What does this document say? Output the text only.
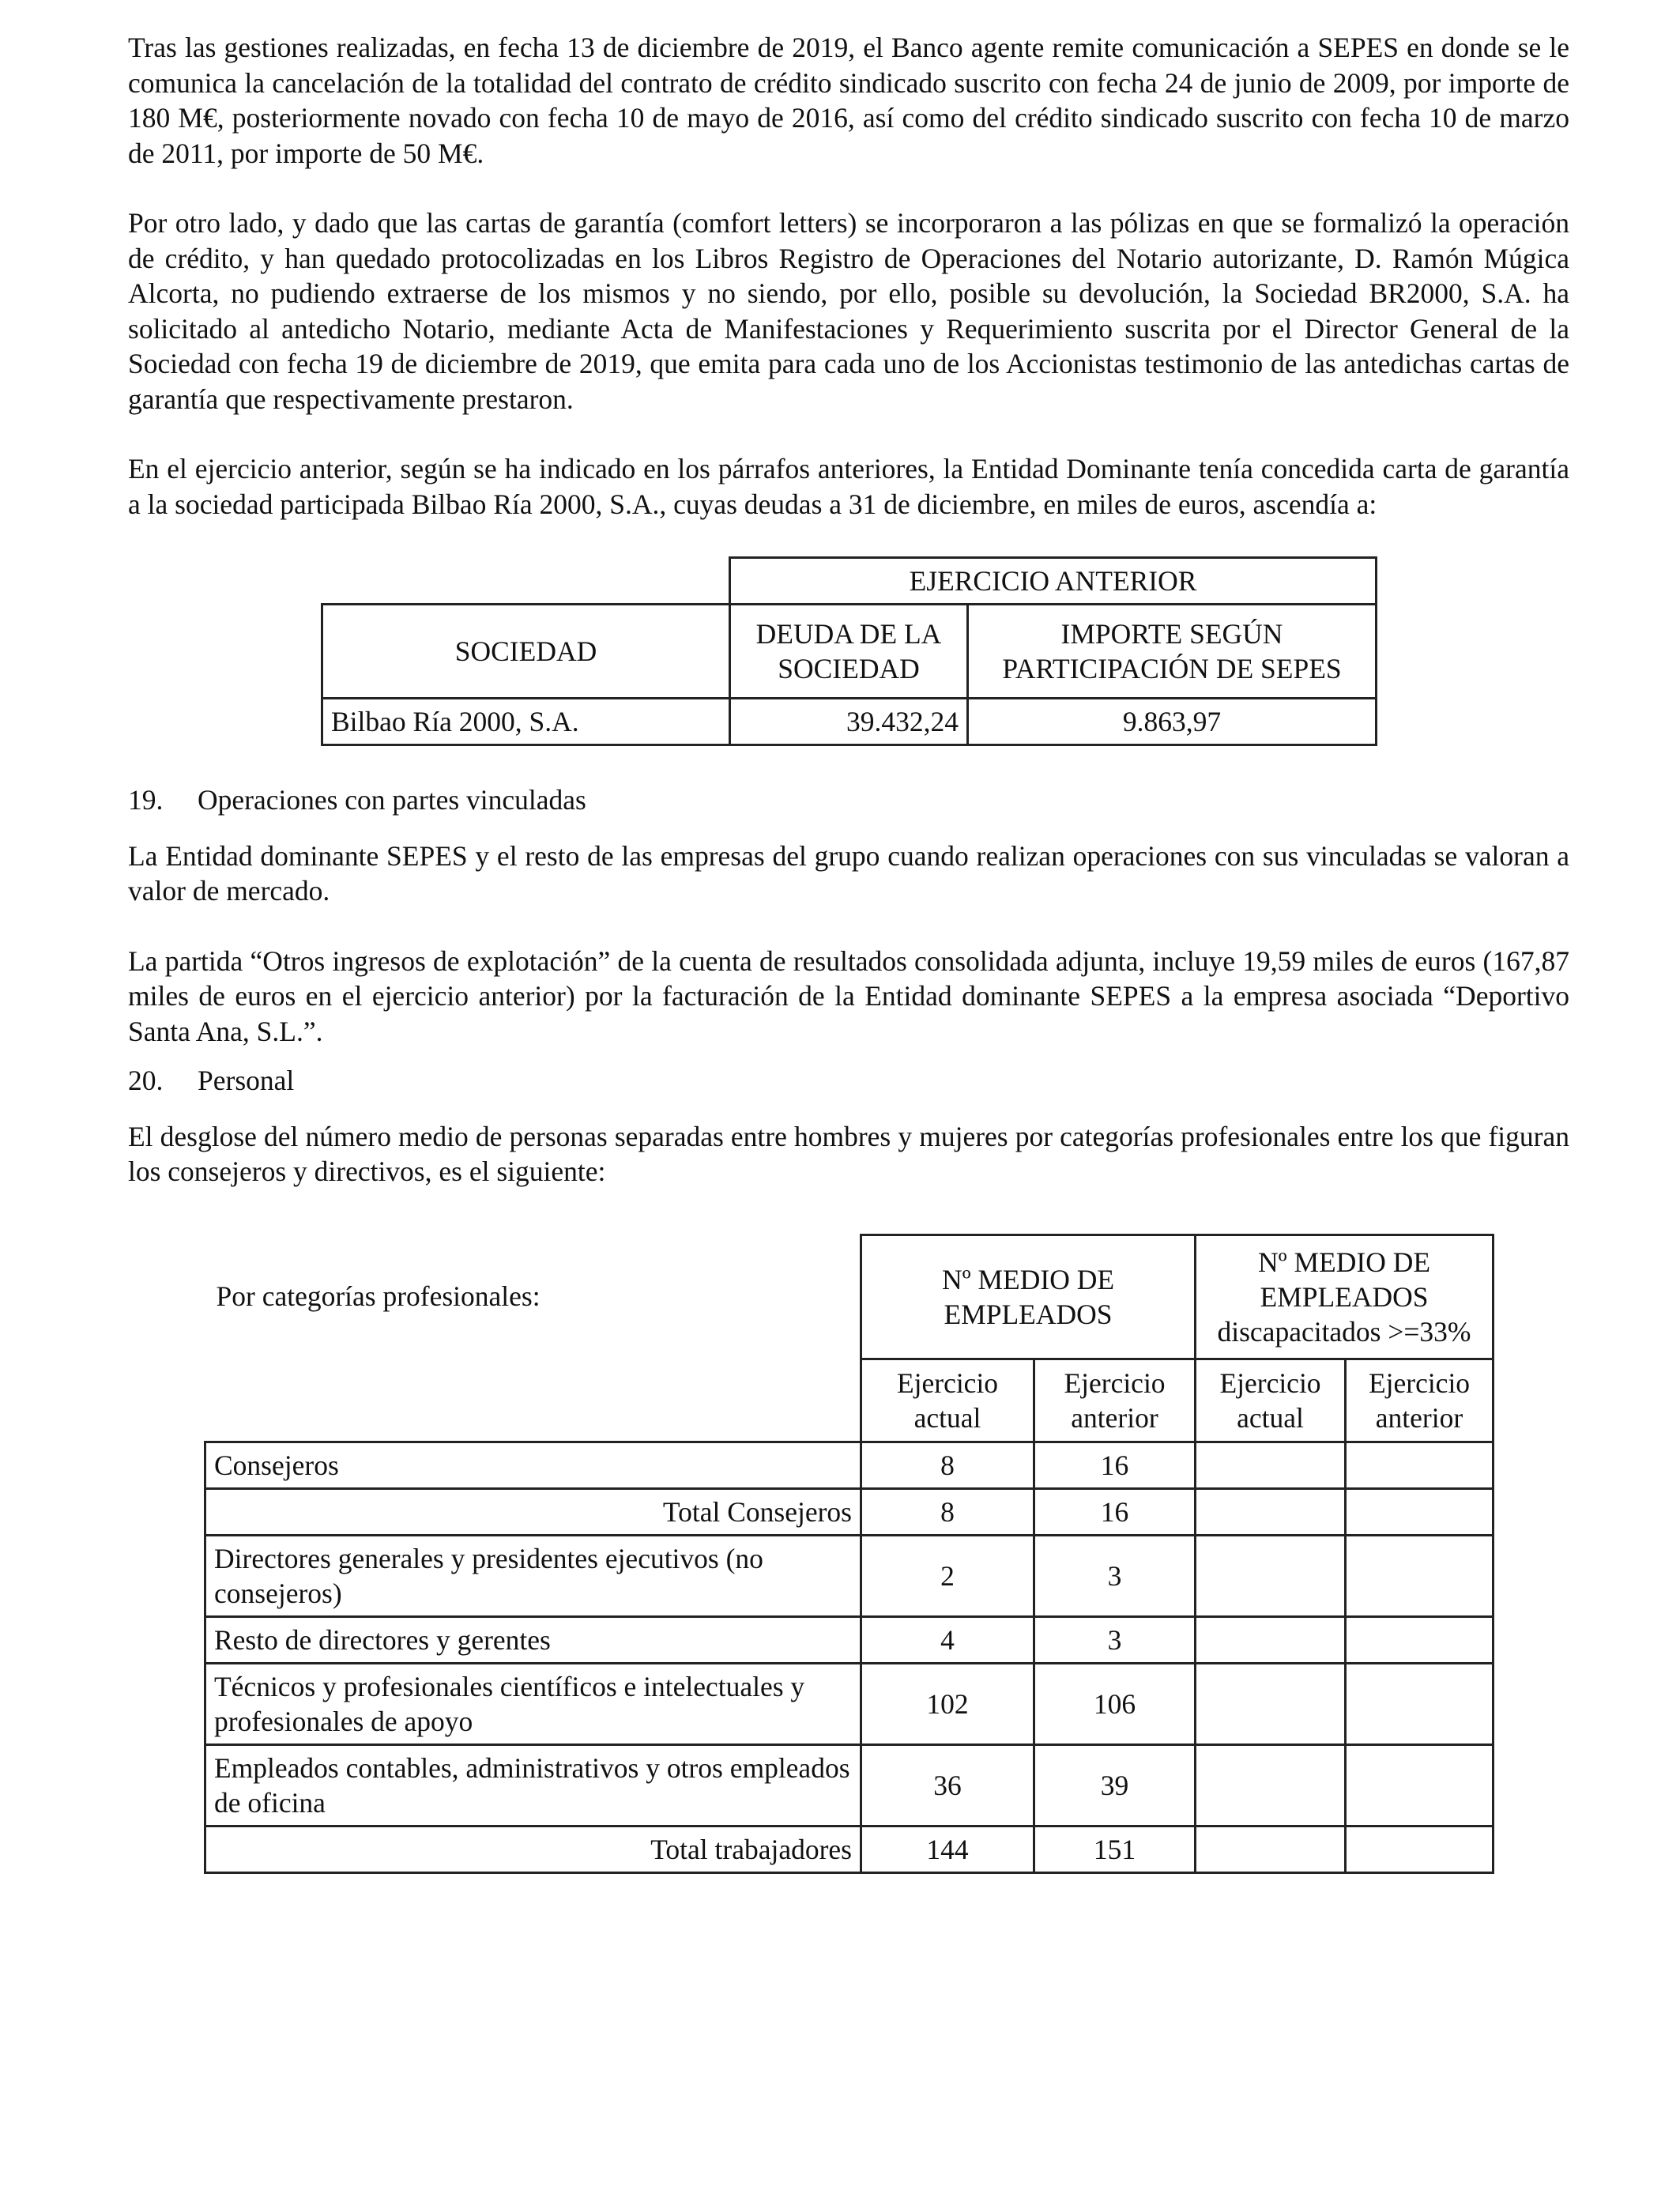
Tras las gestiones realizadas, en fecha 13 de diciembre de 2019, el Banco agente remite comunicación a SEPES en donde se le comunica la cancelación de la totalidad del contrato de crédito sindicado suscrito con fecha 24 de junio de 2009, por importe de 180 M€, posteriormente novado con fecha 10 de mayo de 2016, así como del crédito sindicado suscrito con fecha 10 de marzo de 2011, por importe de 50 M€.

Por otro lado, y dado que las cartas de garantía (comfort letters) se incorporaron a las pólizas en que se formalizó la operación de crédito, y han quedado protocolizadas en los Libros Registro de Operaciones del Notario autorizante, D. Ramón Múgica Alcorta, no pudiendo extraerse de los mismos y no siendo, por ello, posible su devolución, la Sociedad BR2000, S.A. ha solicitado al antedicho Notario, mediante Acta de Manifestaciones y Requerimiento suscrita por el Director General de la Sociedad con fecha 19 de diciembre de 2019, que emita para cada uno de los Accionistas testimonio de las antedichas cartas de garantía que respectivamente prestaron.

En el ejercicio anterior, según se ha indicado en los párrafos anteriores, la Entidad Dominante tenía concedida carta de garantía a la sociedad participada Bilbao Ría 2000, S.A., cuyas deudas a 31 de diciembre, en miles de euros, ascendía a:

	EJERCICIO ANTERIOR	
SOCIEDAD	DEUDA DE LA SOCIEDAD	IMPORTE SEGÚN PARTICIPACIÓN DE SEPES
Bilbao Ría 2000, S.A.	39.432,24	9.863,97
19. Operaciones con partes vinculadas

La Entidad dominante SEPES y el resto de las empresas del grupo cuando realizan operaciones con sus vinculadas se valoran a valor de mercado.

La partida “Otros ingresos de explotación” de la cuenta de resultados consolidada adjunta, incluye 19,59 miles de euros (167,87 miles de euros en el ejercicio anterior) por la facturación de la Entidad dominante SEPES a la empresa asociada “Deportivo Santa Ana, S.L.”.

20. Personal

El desglose del número medio de personas separadas entre hombres y mujeres por categorías profesionales entre los que figuran los consejeros y directivos, es el siguiente:

Por categorías profesionales:	Nº MEDIO DE EMPLEADOS		Nº MEDIO DE EMPLEADOS
discapacitados >=33%	

	Ejercicio actual	Ejercicio anterior	Ejercicio actual	Ejercicio anterior
Consejeros	8	16		
Total Consejeros	8	16		
Directores generales y presidentes ejecutivos (no consejeros)	2	3		
Resto de directores y gerentes	4	3		
Técnicos y profesionales científicos e intelectuales y profesionales de apoyo	102	106		
Empleados contables, administrativos y otros empleados de oficina	36	39		
Total trabajadores	144	151		
